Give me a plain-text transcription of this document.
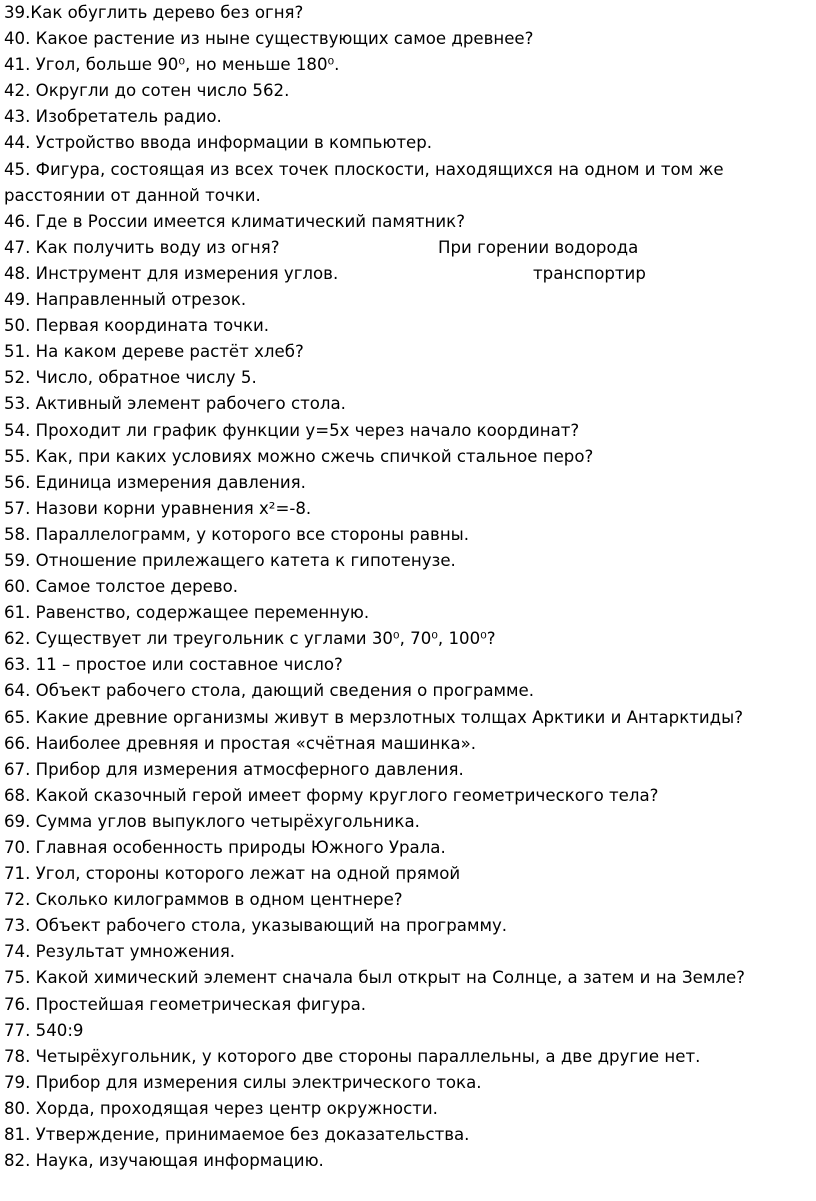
39.Как обуглить дерево без огня?
40. Какое растение из ныне существующих самое древнее?
41. Угол, больше 90⁰, но меньше 180⁰.
42. Округли до сотен число 562.
43. Изобретатель радио.
44. Устройство ввода информации в компьютер.
45. Фигура, состоящая из всех точек плоскости, находящихся на одном и том же
расстоянии от данной точки.
46. Где в России имеется климатический памятник?
47. Как получить воду из огня?	При горении водорода
48. Инструмент для измерения углов.	транспортир
49. Направленный отрезок.
50. Первая координата точки.
51. На каком дереве растёт хлеб?
52. Число, обратное числу 5.
53. Активный элемент рабочего стола.
54. Проходит ли график функции у=5х через начало координат?
55. Как, при каких условиях можно сжечь спичкой стальное перо?
56. Единица измерения давления.
57. Назови корни уравнения х²=-8.
58. Параллелограмм, у которого все стороны равны.
59. Отношение прилежащего катета к гипотенузе.
60. Самое толстое дерево.
61. Равенство, содержащее переменную.
62. Существует ли треугольник с углами 30⁰, 70⁰, 100⁰?
63. 11 – простое или составное число?
64. Объект рабочего стола, дающий сведения о программе.
65. Какие древние организмы живут в мерзлотных толщах Арктики и Антарктиды?
66. Наиболее древняя и простая «счётная машинка».
67. Прибор для измерения атмосферного давления.
68. Какой сказочный герой имеет форму круглого геометрического тела?
69. Сумма углов выпуклого четырёхугольника.
70. Главная особенность природы Южного Урала.
71. Угол, стороны которого лежат на одной прямой
72. Сколько килограммов в одном центнере?
73. Объект рабочего стола, указывающий на программу.
74. Результат умножения.
75. Какой химический элемент сначала был открыт на Солнце, а затем и на Земле?
76. Простейшая геометрическая фигура.
77. 540:9
78. Четырёхугольник, у которого две стороны параллельны, а две другие нет.
79. Прибор для измерения силы электрического тока.
80. Хорда, проходящая через центр окружности.
81. Утверждение, принимаемое без доказательства.
82. Наука, изучающая информацию.
